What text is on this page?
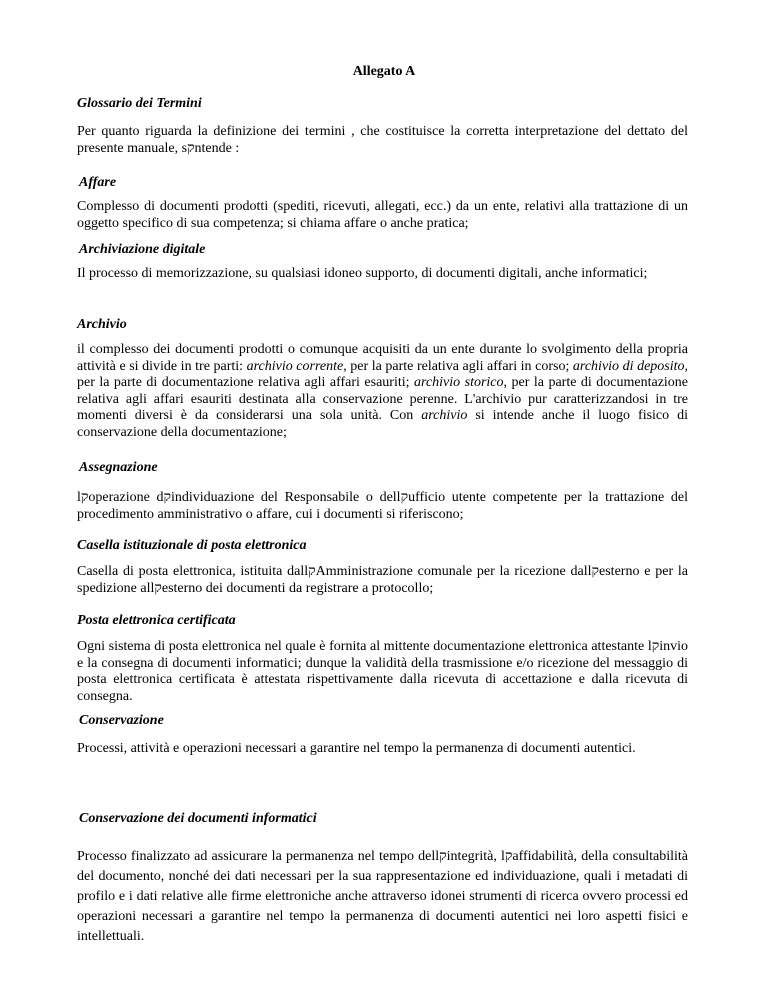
Allegato A
Glossario dei Termini
Per quanto riguarda la definizione dei termini , che costituisce la corretta interpretazione del dettato del presente manuale, sקntende :
Affare
Complesso di documenti prodotti (spediti, ricevuti, allegati, ecc.) da un ente, relativi alla trattazione di un oggetto specifico di sua competenza; si chiama affare o anche pratica;
Archiviazione digitale
Il processo di memorizzazione, su qualsiasi idoneo supporto, di documenti digitali, anche informatici;
Archivio
il complesso dei documenti prodotti o comunque acquisiti da un ente durante lo svolgimento della propria attività e si divide in tre parti: archivio corrente, per la parte relativa agli affari in corso; archivio di deposito, per la parte di documentazione relativa agli affari esauriti; archivio storico, per la parte di documentazione relativa agli affari esauriti destinata alla conservazione perenne. L'archivio pur caratterizzandosi in tre momenti diversi è da considerarsi una sola unità. Con archivio si intende anche il luogo fisico di conservazione della documentazione;
Assegnazione
lקoperazione dקindividuazione del Responsabile o dellקufficio utente competente per la trattazione del procedimento amministrativo o affare, cui i documenti si riferiscono;
Casella istituzionale di posta elettronica
Casella di posta elettronica, istituita dallקAmministrazione comunale per la ricezione dallקesterno e per la spedizione allקesterno dei documenti da registrare a protocollo;
Posta elettronica certificata
Ogni sistema di posta elettronica nel quale è fornita al mittente documentazione elettronica attestante lקinvio e la consegna di documenti informatici; dunque la validità della trasmissione e/o ricezione del messaggio di posta elettronica certificata è attestata rispettivamente dalla ricevuta di accettazione e dalla ricevuta di consegna.
Conservazione
Processi, attività e operazioni necessari a garantire nel tempo la permanenza di documenti autentici.
Conservazione dei documenti informatici
Processo finalizzato ad assicurare la permanenza nel tempo dellקintegrità, lקaffidabilità, della consultabilità del documento, nonché dei dati necessari per la sua rappresentazione ed individuazione, quali i metadati di profilo e i dati relative alle firme elettroniche anche attraverso idonei strumenti di ricerca ovvero processi ed operazioni necessari a garantire nel tempo la permanenza di documenti autentici nei loro aspetti fisici e intellettuali.
